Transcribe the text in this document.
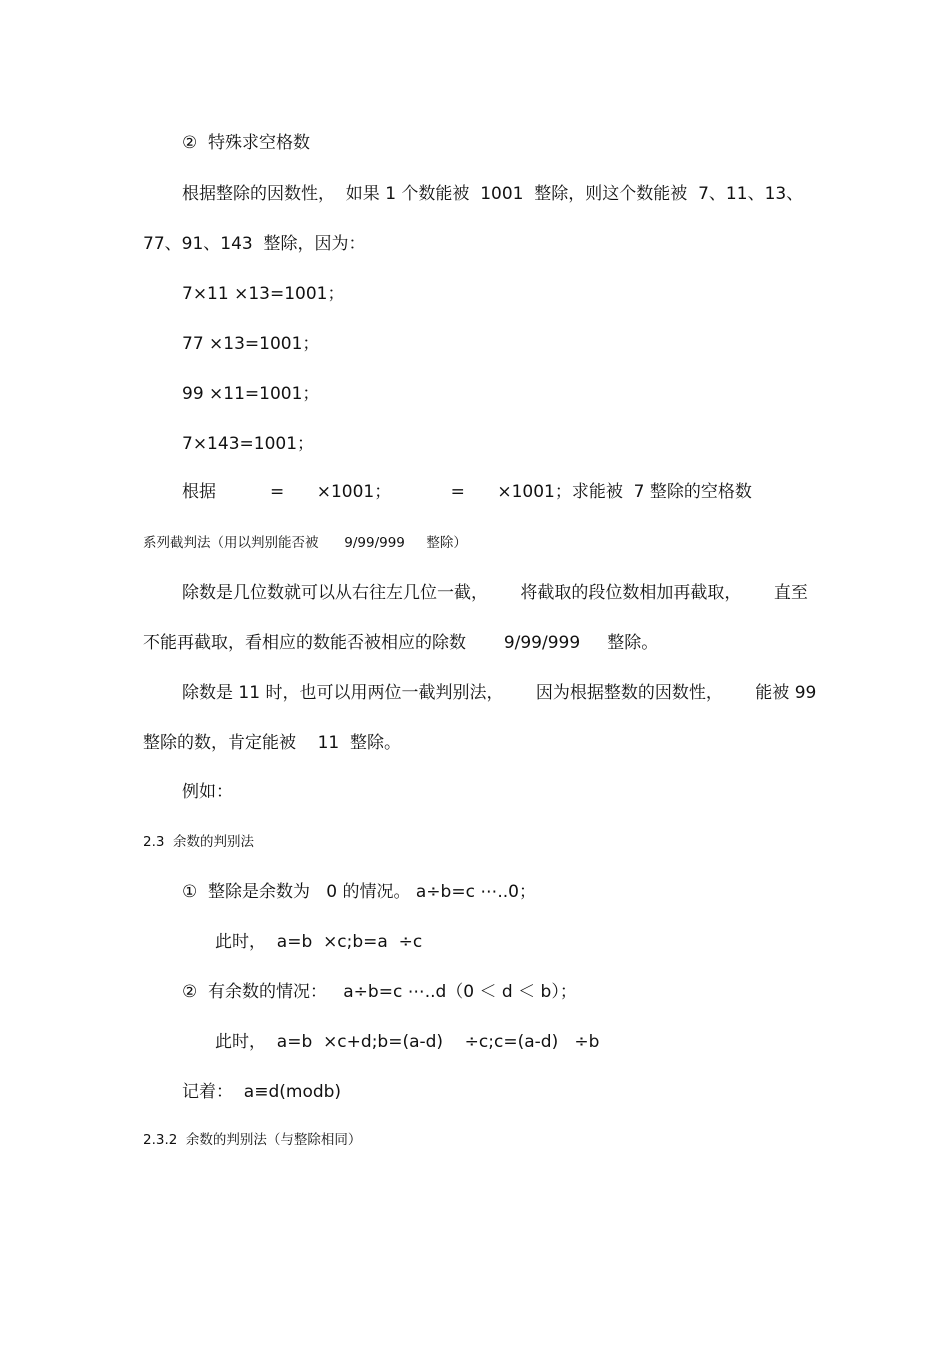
②  特殊求空格数
根据整除的因数性，  如果 1 个数能被  1001  整除，则这个数能被  7、11、13、
77、91、143  整除，因为：
7×11 ×13=1001；
77 ×13=1001；
99 ×11=1001；
7×143=1001；
根据          =      ×1001；           =      ×1001；求能被  7 整除的空格数
系列截判法（用以判别能否被      9/99/999     整除）
除数是几位数就可以从右往左几位一截，      将截取的段位数相加再截取，      直至
不能再截取，看相应的数能否被相应的除数       9/99/999     整除。
除数是 11 时，也可以用两位一截判别法，      因为根据整数的因数性，      能被 99
整除的数，肯定能被    11  整除。
例如：
2.3  余数的判别法
①  整除是余数为   0 的情况。 a÷b=c ⋯..0；
此时，  a=b  ×c;b=a  ÷c
②  有余数的情况：   a÷b=c ⋯..d（0 ＜ d ＜ b）；
此时，  a=b  ×c+d;b=(a-d)    ÷c;c=(a-d)   ÷b
记着：  a≡d(modb)
2.3.2  余数的判别法（与整除相同）
